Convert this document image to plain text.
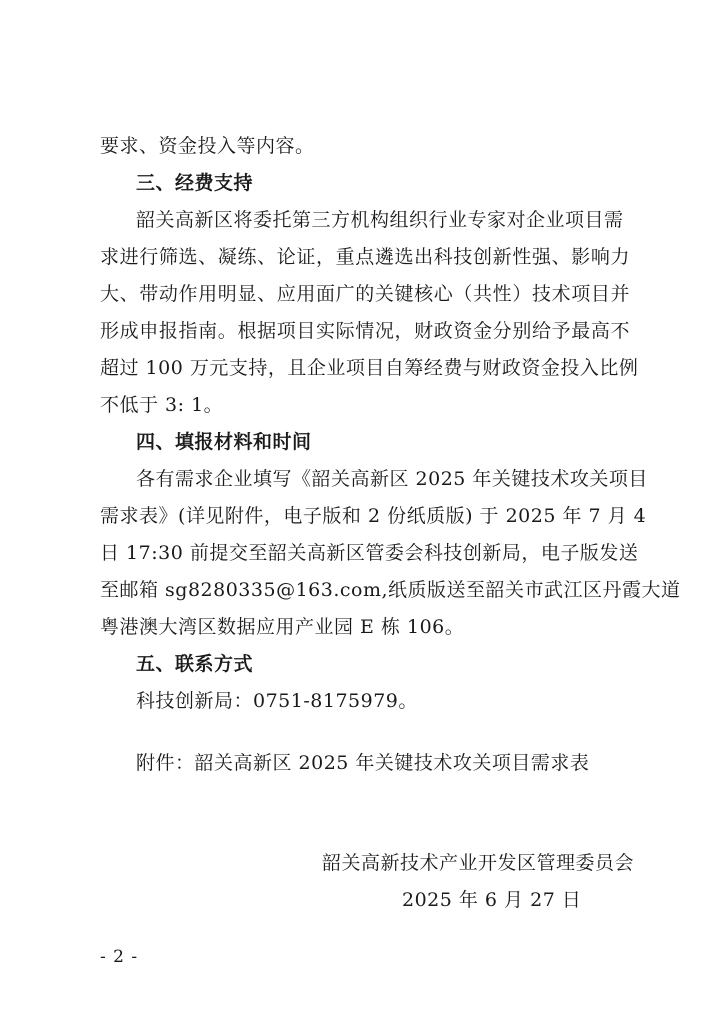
要求、资金投入等内容。
三、经费支持
韶关高新区将委托第三方机构组织行业专家对企业项目需
求进行筛选、凝练、论证，重点遴选出科技创新性强、影响力
大、带动作用明显、应用面广的关键核心（共性）技术项目并
形成申报指南。根据项目实际情况，财政资金分别给予最高不
超过 100 万元支持，且企业项目自筹经费与财政资金投入比例
不低于 3: 1。
四、填报材料和时间
各有需求企业填写《韶关高新区 2025 年关键技术攻关项目
需求表》(详见附件，电子版和 2 份纸质版) 于 2025 年 7 月 4
日 17:30 前提交至韶关高新区管委会科技创新局，电子版发送
至邮箱 sg8280335@163.com,纸质版送至韶关市武江区丹霞大道
粤港澳大湾区数据应用产业园 E 栋 106。
五、联系方式
科技创新局：0751-8175979。
附件：韶关高新区 2025 年关键技术攻关项目需求表
韶关高新技术产业开发区管理委员会
2025 年 6 月 27 日
- 2 -
